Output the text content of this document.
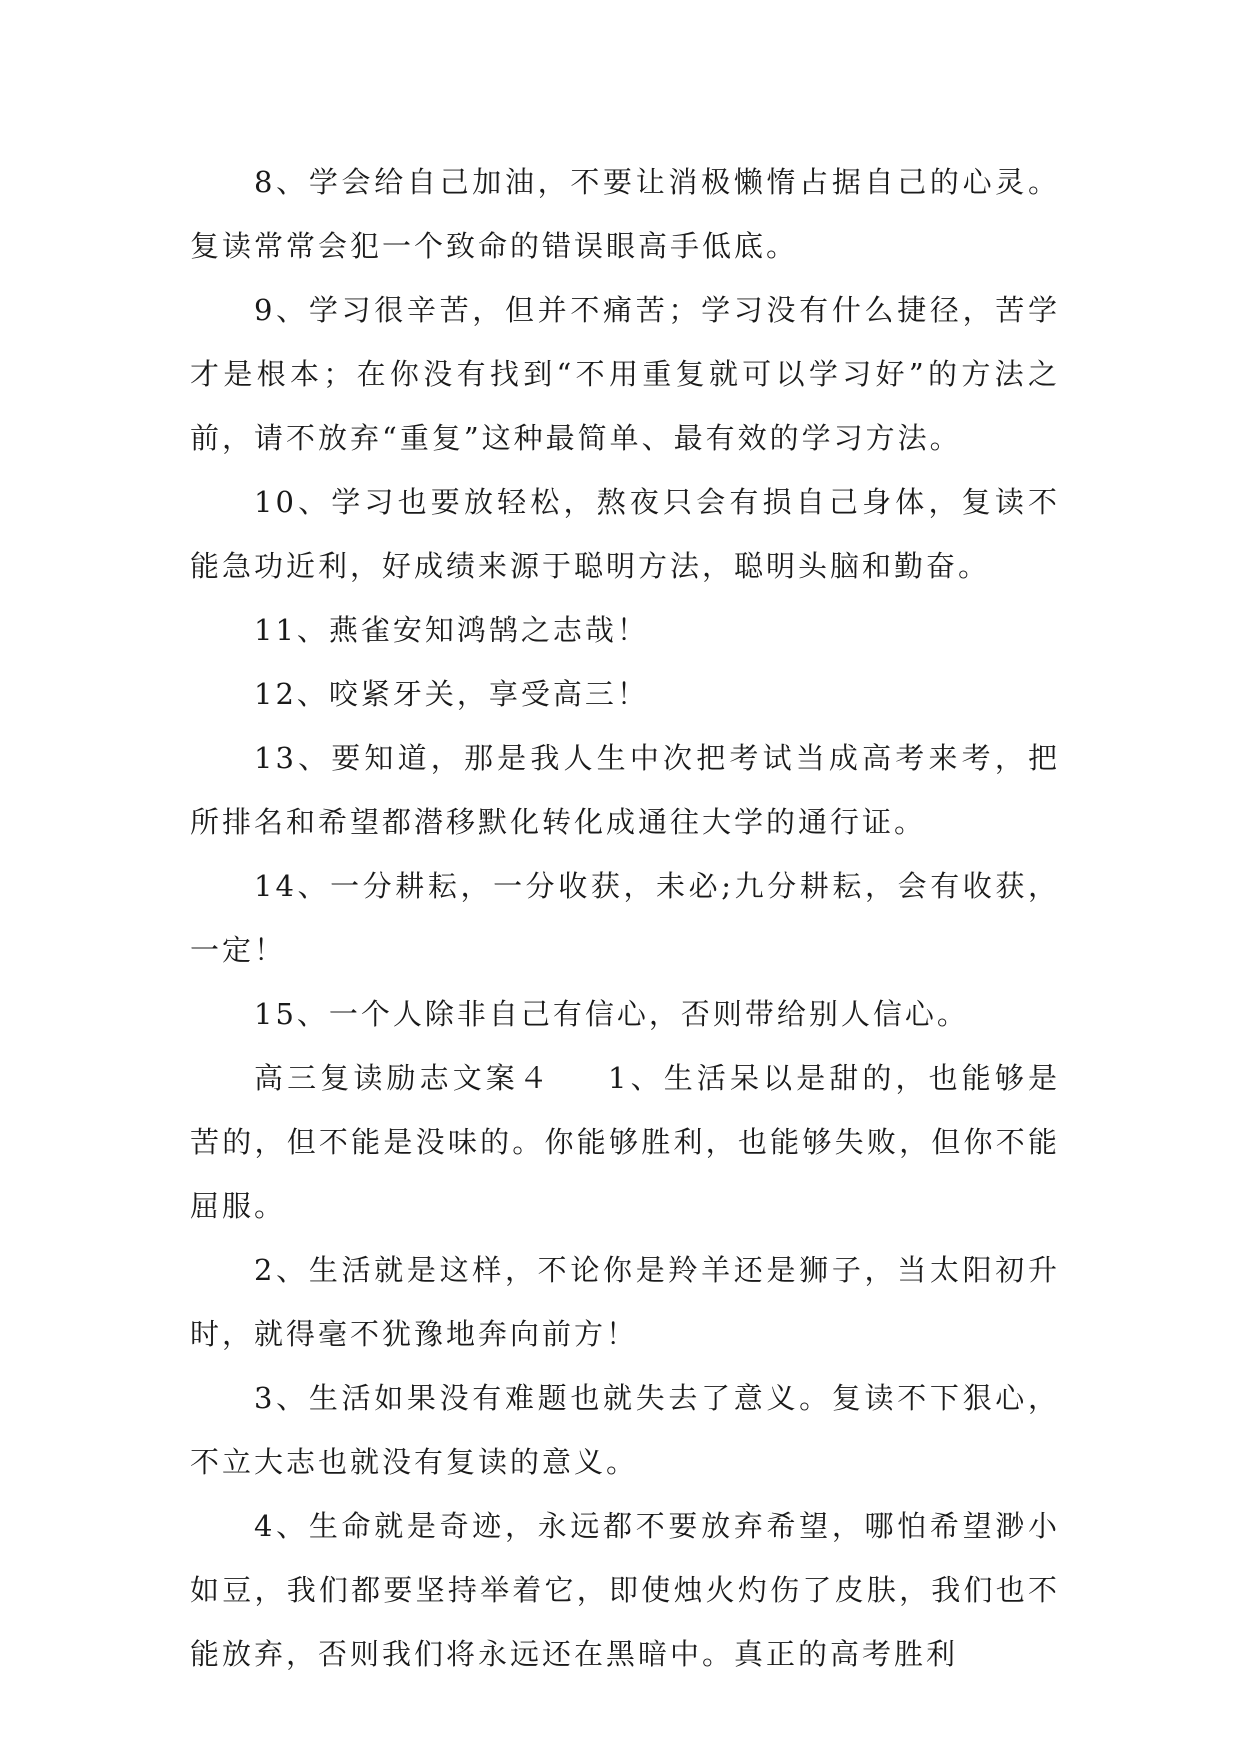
8、学会给自己加油，不要让消极懒惰占据自己的心灵。复读常常会犯一个致命的错误眼高手低底。

9、学习很辛苦，但并不痛苦；学习没有什么捷径，苦学才是根本；在你没有找到“不用重复就可以学习好”的方法之前，请不放弃“重复”这种最简单、最有效的学习方法。

10、学习也要放轻松，熬夜只会有损自己身体，复读不能急功近利，好成绩来源于聪明方法，聪明头脑和勤奋。

11、燕雀安知鸿鹄之志哉！

12、咬紧牙关，享受高三！

13、要知道，那是我人生中次把考试当成高考来考，把所排名和希望都潜移默化转化成通往大学的通行证。

14、一分耕耘，一分收获，未必;九分耕耘，会有收获，一定！

15、一个人除非自己有信心，否则带给别人信心。

高三复读励志文案４ 1、生活呆以是甜的，也能够是苦的，但不能是没味的。你能够胜利，也能够失败，但你不能屈服。

2、生活就是这样，不论你是羚羊还是狮子，当太阳初升时，就得毫不犹豫地奔向前方！

3、生活如果没有难题也就失去了意义。复读不下狠心，不立大志也就没有复读的意义。

4、生命就是奇迹，永远都不要放弃希望，哪怕希望渺小如豆，我们都要坚持举着它，即使烛火灼伤了皮肤，我们也不能放弃，否则我们将永远还在黑暗中。真正的高考胜利
